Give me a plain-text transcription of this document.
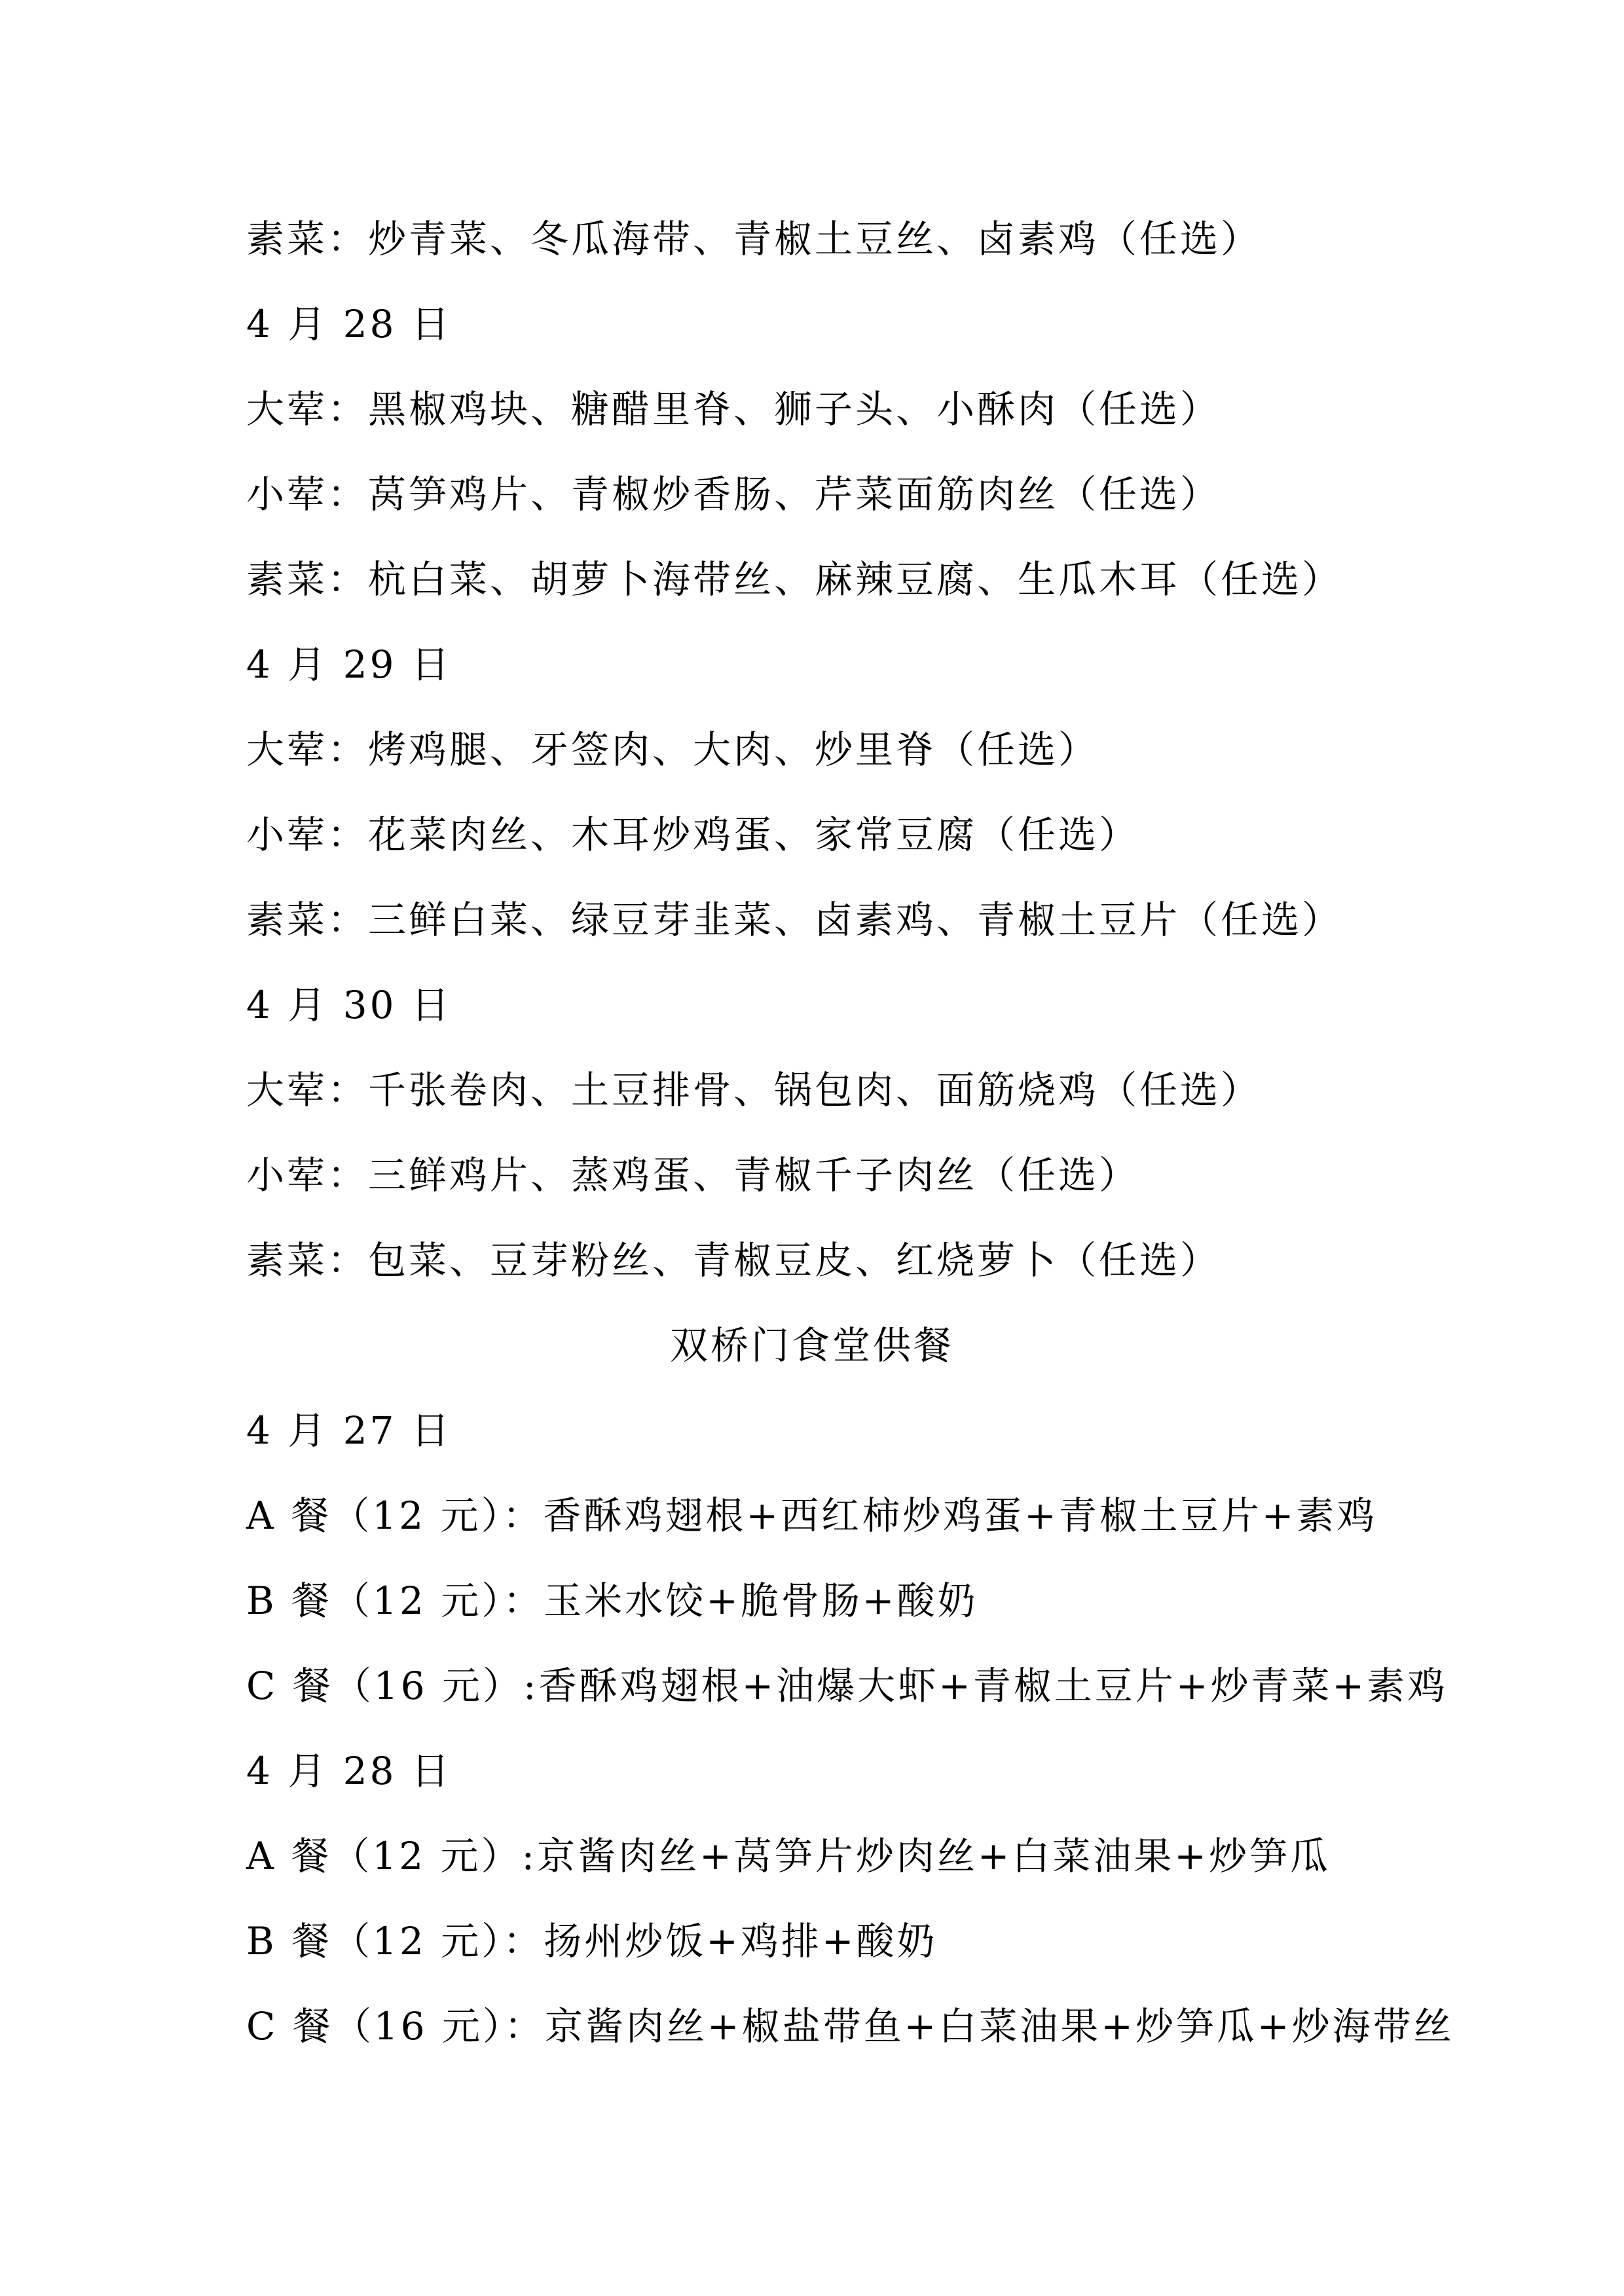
素菜：炒青菜、冬瓜海带、青椒土豆丝、卤素鸡（任选）
4 月 28 日
大荤：黑椒鸡块、糖醋里脊、狮子头、小酥肉（任选）
小荤：莴笋鸡片、青椒炒香肠、芹菜面筋肉丝（任选）
素菜：杭白菜、胡萝卜海带丝、麻辣豆腐、生瓜木耳（任选）
4 月 29 日
大荤：烤鸡腿、牙签肉、大肉、炒里脊（任选）
小荤：花菜肉丝、木耳炒鸡蛋、家常豆腐（任选）
素菜：三鲜白菜、绿豆芽韭菜、卤素鸡、青椒土豆片（任选）
4 月 30 日
大荤：千张卷肉、土豆排骨、锅包肉、面筋烧鸡（任选）
小荤：三鲜鸡片、蒸鸡蛋、青椒千子肉丝（任选）
素菜：包菜、豆芽粉丝、青椒豆皮、红烧萝卜（任选）
双桥门食堂供餐
4 月 27 日
A 餐（12 元）：香酥鸡翅根+西红柿炒鸡蛋+青椒土豆片+素鸡
B 餐（12 元）：玉米水饺+脆骨肠+酸奶
C 餐（16 元）:香酥鸡翅根+油爆大虾+青椒土豆片+炒青菜+素鸡
4 月 28 日
A 餐（12 元）:京酱肉丝+莴笋片炒肉丝+白菜油果+炒笋瓜
B 餐（12 元）：扬州炒饭+鸡排+酸奶
C 餐（16 元）：京酱肉丝+椒盐带鱼+白菜油果+炒笋瓜+炒海带丝
